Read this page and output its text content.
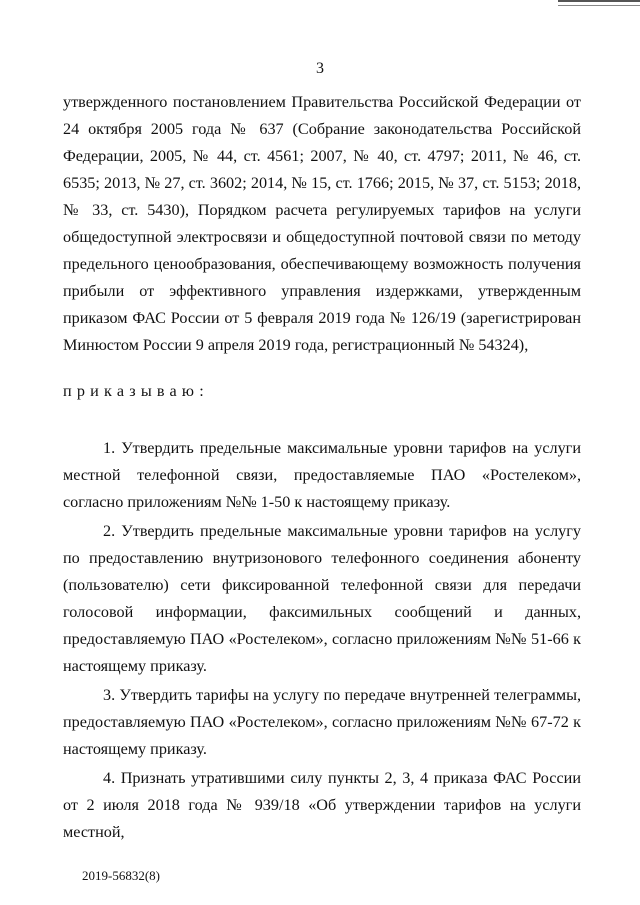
3
утвержденного постановлением Правительства Российской Федерации от 24 октября 2005 года № 637 (Собрание законодательства Российской Федерации, 2005, № 44, ст. 4561; 2007, № 40, ст. 4797; 2011, № 46, ст. 6535; 2013, № 27, ст. 3602; 2014, № 15, ст. 1766; 2015, № 37, ст. 5153; 2018, № 33, ст. 5430), Порядком расчета регулируемых тарифов на услуги общедоступной электросвязи и общедоступной почтовой связи по методу предельного ценообразования, обеспечивающему возможность получения прибыли от эффективного управления издержками, утвержденным приказом ФАС России от 5 февраля 2019 года № 126/19 (зарегистрирован Минюстом России 9 апреля 2019 года, регистрационный № 54324),
приказываю:

1. Утвердить предельные максимальные уровни тарифов на услуги местной телефонной связи, предоставляемые ПАО «Ростелеком», согласно приложениям №№ 1-50 к настоящему приказу.

2. Утвердить предельные максимальные уровни тарифов на услугу по предоставлению внутризонового телефонного соединения абоненту (пользователю) сети фиксированной телефонной связи для передачи голосовой информации, факсимильных сообщений и данных, предоставляемую ПАО «Ростелеком», согласно приложениям №№ 51-66 к настоящему приказу.

3. Утвердить тарифы на услугу по передаче внутренней телеграммы, предоставляемую ПАО «Ростелеком», согласно приложениям №№ 67-72 к настоящему приказу.

4. Признать утратившими силу пункты 2, 3, 4 приказа ФАС России от 2 июля 2018 года № 939/18 «Об утверждении тарифов на услуги местной,

2019-56832(8)
